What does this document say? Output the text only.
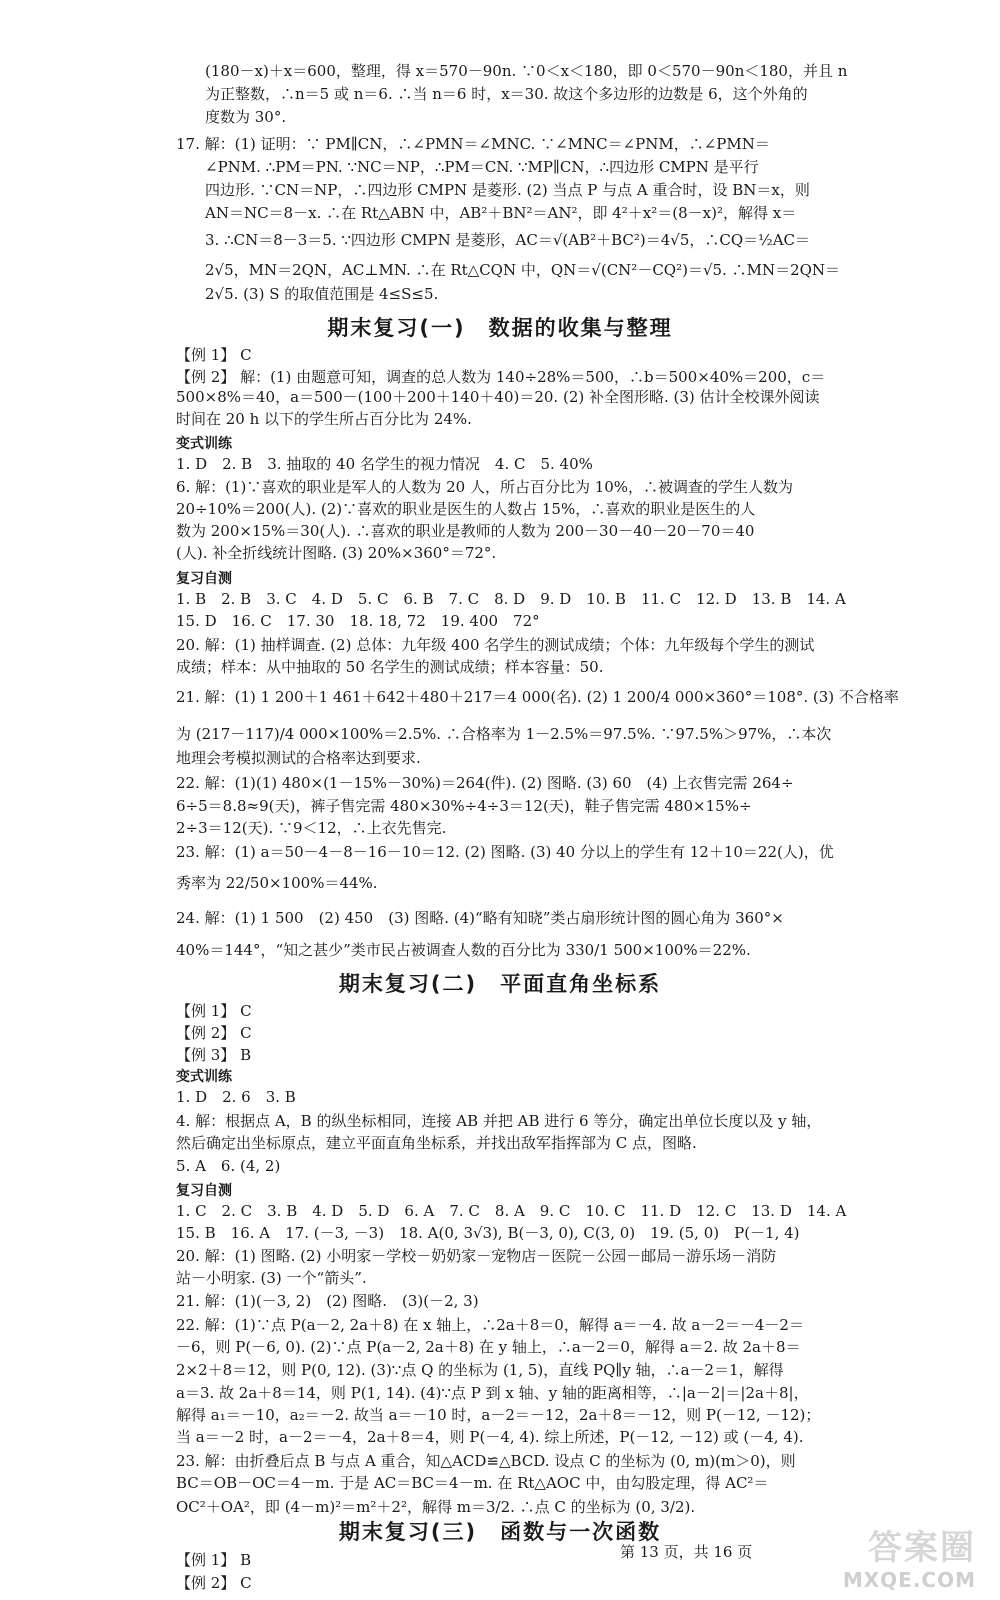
(180－x)＋x＝600，整理，得 x＝570－90n. ∵0＜x＜180，即 0＜570－90n＜180，并且 n
为正整数，∴n＝5 或 n＝6. ∴当 n＝6 时，x＝30. 故这个多边形的边数是 6，这个外角的
度数为 30°.
17. 解：(1) 证明：∵ PM∥CN，∴∠PMN＝∠MNC. ∵∠MNC＝∠PNM，∴∠PMN＝
∠PNM. ∴PM＝PN. ∵NC＝NP，∴PM＝CN. ∵MP∥CN，∴四边形 CMPN 是平行
四边形. ∵CN＝NP，∴四边形 CMPN 是菱形. (2) 当点 P 与点 A 重合时，设 BN＝x，则
AN＝NC＝8－x. ∴在 Rt△ABN 中，AB²＋BN²＝AN²，即 4²＋x²＝(8－x)²，解得 x＝
3. ∴CN＝8－3＝5. ∵四边形 CMPN 是菱形，AC＝√(AB²＋BC²)＝4√5，∴CQ＝½AC＝
2√5，MN＝2QN，AC⊥MN. ∴在 Rt△CQN 中，QN＝√(CN²－CQ²)＝√5. ∴MN＝2QN＝
2√5. (3) S 的取值范围是 4≤S≤5.
期末复习(一)　数据的收集与整理
【例 1】 C
【例 2】 解：(1) 由题意可知，调查的总人数为 140÷28%＝500，∴b＝500×40%＝200，c＝
500×8%＝40，a＝500－(100＋200＋140＋40)＝20. (2) 补全图形略. (3) 估计全校课外阅读
时间在 20 h 以下的学生所占百分比为 24%.
变式训练
1. D　2. B　3. 抽取的 40 名学生的视力情况　4. C　5. 40%
6. 解：(1)∵喜欢的职业是军人的人数为 20 人，所占百分比为 10%，∴被调查的学生人数为
20÷10%＝200(人). (2)∵喜欢的职业是医生的人数占 15%，∴喜欢的职业是医生的人
数为 200×15%＝30(人). ∴喜欢的职业是教师的人数为 200－30－40－20－70＝40
(人). 补全折线统计图略. (3) 20%×360°＝72°.
复习自测
1. B　2. B　3. C　4. D　5. C　6. B　7. C　8. D　9. D　10. B　11. C　12. D　13. B　14. A
15. D　16. C　17. 30　18. 18, 72　19. 400　72°
20. 解：(1) 抽样调查. (2) 总体：九年级 400 名学生的测试成绩；个体：九年级每个学生的测试
成绩；样本：从中抽取的 50 名学生的测试成绩；样本容量：50.
21. 解：(1) 1 200＋1 461＋642＋480＋217＝4 000(名). (2) 1 200/4 000×360°＝108°. (3) 不合格率
为 (217－117)/4 000×100%＝2.5%. ∴合格率为 1－2.5%＝97.5%. ∵97.5%＞97%，∴本次
地理会考模拟测试的合格率达到要求.
22. 解：(1)(1) 480×(1－15%－30%)＝264(件). (2) 图略. (3) 60　(4) 上衣售完需 264÷
6÷5＝8.8≈9(天)，裤子售完需 480×30%÷4÷3＝12(天)，鞋子售完需 480×15%÷
2÷3＝12(天). ∵9＜12，∴上衣先售完.
23. 解：(1) a＝50－4－8－16－10＝12. (2) 图略. (3) 40 分以上的学生有 12＋10＝22(人)，优
秀率为 22/50×100%＝44%.
24. 解：(1) 1 500　(2) 450　(3) 图略. (4)“略有知晓”类占扇形统计图的圆心角为 360°×
40%＝144°，“知之甚少”类市民占被调查人数的百分比为 330/1 500×100%＝22%.
期末复习(二)　平面直角坐标系
【例 1】 C
【例 2】 C
【例 3】 B
变式训练
1. D　2. 6　3. B
4. 解：根据点 A，B 的纵坐标相同，连接 AB 并把 AB 进行 6 等分，确定出单位长度以及 y 轴，
然后确定出坐标原点，建立平面直角坐标系，并找出敌军指挥部为 C 点，图略.
5. A　6. (4, 2)
复习自测
1. C　2. C　3. B　4. D　5. D　6. A　7. C　8. A　9. C　10. C　11. D　12. C　13. D　14. A
15. B　16. A　17. (－3, －3)　18. A(0, 3√3), B(－3, 0), C(3, 0)　19. (5, 0)　P(－1, 4)
20. 解：(1) 图略. (2) 小明家－学校－奶奶家－宠物店－医院－公园－邮局－游乐场－消防
站－小明家. (3) 一个“箭头”.
21. 解：(1)(－3, 2)　(2) 图略.　(3)(－2, 3)
22. 解：(1)∵点 P(a－2, 2a＋8) 在 x 轴上，∴2a＋8＝0，解得 a＝－4. 故 a－2＝－4－2＝
－6，则 P(－6, 0). (2)∵点 P(a－2, 2a＋8) 在 y 轴上，∴a－2＝0，解得 a＝2. 故 2a＋8＝
2×2＋8＝12，则 P(0, 12). (3)∵点 Q 的坐标为 (1, 5)，直线 PQ∥y 轴，∴a－2＝1，解得
a＝3. 故 2a＋8＝14，则 P(1, 14). (4)∵点 P 到 x 轴、y 轴的距离相等，∴|a－2|＝|2a＋8|，
解得 a₁＝－10，a₂＝－2. 故当 a＝－10 时，a－2＝－12，2a＋8＝－12，则 P(－12, －12)；
当 a＝－2 时，a－2＝－4，2a＋8＝4，则 P(－4, 4). 综上所述，P(－12, －12) 或 (－4, 4).
23. 解：由折叠后点 B 与点 A 重合，知△ACD≌△BCD. 设点 C 的坐标为 (0, m)(m＞0)，则
BC＝OB－OC＝4－m. 于是 AC＝BC＝4－m. 在 Rt△AOC 中，由勾股定理，得 AC²＝
OC²＋OA²，即 (4－m)²＝m²＋2²，解得 m＝3/2. ∴点 C 的坐标为 (0, 3/2).
期末复习(三)　函数与一次函数
【例 1】 B
【例 2】 C
第 13 页，共 16 页	答案圈
MXQE.COM
